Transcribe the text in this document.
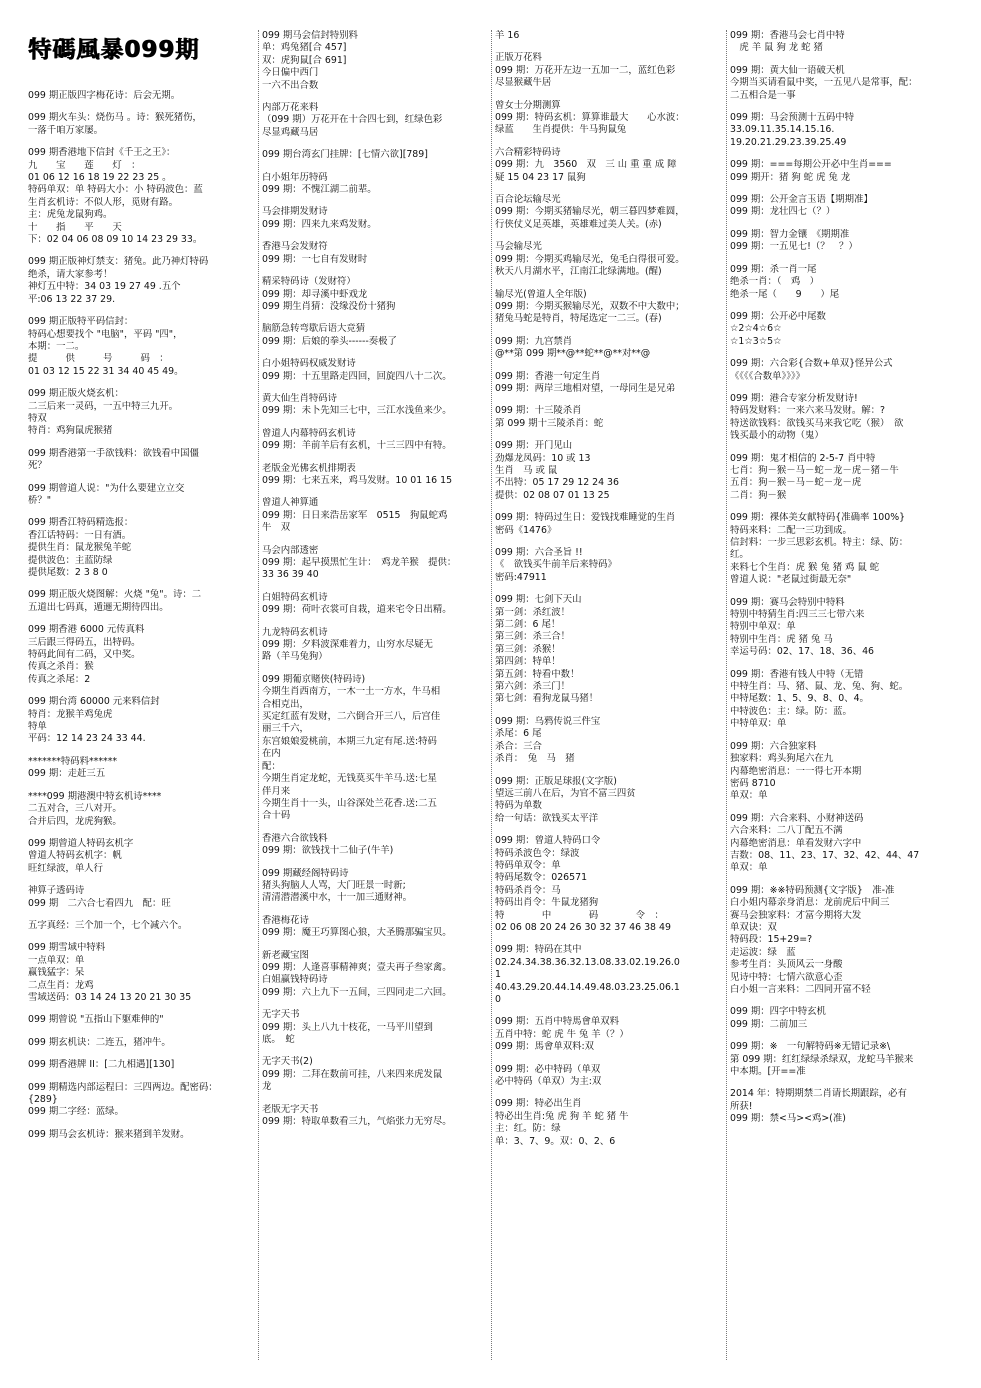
特碼風暴099期
099 期正版四字梅花诗：后会无期。
099 期火车头：烧伤马 。诗：猴死猪伤，
一落千咱万家屡。
099 期香港地下信封《千王之王》：
九　　宝　　莲　　灯　：
01 06 12 16 18 19 22 23 25 。
特码单双：单 特码大小：小 特码波色：蓝
生肖玄机诗：不似人形，觅财有路。
主：虎兔龙鼠狗鸡。
十　　指　　平　　天
下：02 04 06 08 09 10 14 23 29 33。
099 期正版神灯禁支：猪兔。此乃神灯特码
绝杀，请大家参考！
神灯五中特：34 03 19 27 49 .五个
平:06 13 22 37 29.
099 期正版特平码信封：
特码心想要找个 "电脑"，平码 "四"，
本期：一二。
提　　　供　　　号　　　码　：
01 03 12 15 22 31 34 40 45 49。
099 期正版火烧玄机：
二三后来一灵码，一五中特三九开。
特双
特肖：鸡狗鼠虎猴猪
099 期香港第一手欲钱料：欲钱看中国僵
死？
099 期曾道人说："为什么要建立立交
桥？"
099 期香江特码精选报：
香江话特码：一日有酒。
提供生肖：鼠龙猴兔羊蛇
提供波色：主蓝防绿
提供尾数：2 3 8 0
099 期正版火烧图解：火烧 "兔"。诗：二
五道出七码真，遁逦无期待四出。
099 期香港 6000 元传真料
三后跟三得码五，出特码。
特码此间有二码，又中奖。
传真之杀肖：猴
传真之杀尾：2
099 期台湾 60000 元来料信封
特肖：龙猴羊鸡兔虎
特单
平码：12 14 23 24 33 44.
*******特码料******
099 期：走赶三五
****099 期港澳中特玄机诗****
二五对合，三八对开。
合并后四，龙虎狗猴。
099 期曾道人特码玄机字
曾道人特码玄机字：帆
旺红绿波，单人行
神算子透码诗
099 期　二六合七看四九　配：旺
五字真经：三个加一个，七个减六个。
099 期雪域中特料
一点单双：单
赢钱猛字：呆
二点生肖：龙鸡
雪域送码：03 14 24 13 20 21 30 35
099 期曾说 "五指山下躯难伸的"
099 期玄机诀：二连五，猪冲牛。
099 期香港牌 II：[二九相遇][130]
099 期精选内部运程曰：三四两边。配密码：
{289}
099 期二字经：蓝绿。
099 期马会玄机诗：猴来猪到羊发财。
099 期马会信封特别料
单：鸡兔猪[合 457]
双：虎狗鼠[合 691]
今日偏中西门
一六不出合数
内部万花来料
（099 期）万花开在十合四七到，红绿色彩
尽显鸡藏马居
099 期台湾玄门挂牌：[七情六欲][789]
白小姐年历特码
099 期：不愧江湖二前辈。
马会排期发财诗
099 期：四来九来鸡发财。
香港马会发财符
099 期：一七自有发财时
精采特码诗（发财符）
099 期：却寻溪中虾戏龙
099 期生肖猜：没缘没份十猪狗
脑筋急转弯歇后语大竞猜
099 期：后娘的拳头------奏极了
白小姐特码权威发财诗
099 期：十五里路走四回，回旋四八十二次。
黄大仙生肖特码诗
099 期：未卜先知三七中，三江水浅鱼来少。
曾道人内幕特码玄机诗
099 期：羊前羊后有玄机，十三三四中有特。
老版金光佛玄机排期表
099 期：七来五来，鸡马发财。10 01 16 15
曾道人神算通
099 期：日日来浩岳家军　0515　狗鼠蛇鸡
牛　双
马会内部透密
099 期：起早摸黑忙生计：　鸡龙羊猴　提供：
33 36 39 40
白姐特码玄机诗
099 期：荷叶衣裳可自栽，道来宅令日出精。
九龙特码玄机诗
099 期：夕料波深难着力，山穷水尽疑无
路（羊马兔狗）
099 期葡京赌侠(特码诗)
今期生肖西南方，一木一土一方水，牛马相
合相克出，
买定红蓝有发财，二六倒合开三八，后宫佳
丽三千六，
东宫娘娘爱桃前，本期三九定有尾.送:特码
在内
配：
今期生肖定龙蛇，无钱莫买牛羊马.送:七星
伴月来
今期生肖十一头，山谷深处兰花香.送:二五
合十码
香港六合欲钱料
099 期：欲钱找十二仙子(牛羊)
099 期藏经阁特码诗
猪头狗脑人人骂，大门旺景一时新;
清清潜潜溪中水，十一加三通财神。
香港梅花诗
099 期：魔王巧算图心狼，大圣腾那骗宝贝。
新老藏宝图
099 期：人逢喜事精神爽；壹夫再子叁家禽。
白姐赢钱特码诗
099 期：六上九下一五间，三四同走二六回。
无字天书
099 期：头上八九十枝花，一马平川望到
底。　蛇
无字天书(2)
099 期：二拜在数前可挂，八来四来虎发鼠
龙
老版无字天书
099 期：特取单数看三九，气焰张力无穷尽。
羊 16
正版万花料
099 期：万花开左边一五加一二，蓝红色彩
尽显猴藏牛居
曾女士分期测算
099 期：特码玄机：算算谁最大　　心水波：
绿蓝　　生肖提供：牛马狗鼠兔
六合精彩特码诗
099 期：九　3560　双　三 山 重 重 成 障
疑 15 04 23 17 鼠狗
百合论坛输尽光
099 期：今期买猪输尽光，朝三暮四梦难圆，
行侠仗义足英雄，英雄难过美人关。(赤)
马会输尽光
099 期：今期买鸡输尽光，兔毛白得很可爱。
秋天八月湖水平，江南江北绿满地。(醒)
输尽光(曾道人全年版)
099 期：今期买猴输尽光，双数不中大数中；
猪兔马蛇是特肖，特尾选定一二三。(春)
099 期：九宫禁肖
@**第 099 期**@**蛇**@**对**@
099 期：香港一句定生肖
099 期：两岸三地相对望，一母同生是兄弟
099 期：十三陵杀肖
第 099 期十三陵杀肖：蛇
099 期：开门见山
劲爆龙凤码：10 或 13
生肖　马 或 鼠
不出特：05 17 29 12 24 36
提供：02 08 07 01 13 25
099 期：特码过生日：爱钱找难睡觉的生肖
密码《1476》
099 期：六合圣旨 !!
《　欲钱买牛前羊后来特码》
密码:47911
099 期：七剑下天山
第一剑：杀红波！
第二剑：6 尾！
第三剑：杀三合！
第三剑：杀猴！
第四剑：特单！
第五剑：特看中数！
第六剑：杀三门！
第七剑：看狗龙鼠马猪！
099 期：乌鸦传说三件宝
杀尾：6 尾
杀合：三合
杀肖：　兔　马　猪
099 期：正版足球报(文字版)
望远三前八在后，为官不富三四贫
特码为单数
给一句话：欲钱买太平洋
099 期：曾道人特码口令
特码杀波色令：绿波
特码单双令：单
特码尾数令：026571
特码杀肖令：马
特码出肖令：牛鼠龙猪狗
特　　　　中　　　　码　　　　令　：
02 06 08 20 24 26 30 32 37 46 38 49
099 期：特码在其中
02.24.34.38.36.32.13.08.33.02.19.26.0
1
40.43.29.20.44.14.49.48.03.23.25.06.1
0
099 期：五肖中特馬會单双料
五肖中特：蛇 虎 牛 兔 羊（？）
099 期：馬會单双料:双
099 期：必中特码（单双
必中特码（单双）为主:双
099 期：特必出生肖
特必出生肖:兔 虎 狗 羊 蛇 猪 牛
主：红。防：绿
单：3、7、9。双：0、2、6
099 期：香港马会七肖中特
　虎 羊 鼠 狗 龙 蛇 猪
099 期：黄大仙一语破天机
今期当买请看鼠中奖，一五见八是常事，配：
二五相合是一事
099 期：马会预测十五码中特
33.09.11.35.14.15.16.
19.20.21.29.23.39.25.49
099 期：===每期公开必中生肖===
099 期开：猪 狗 蛇 虎 兔 龙
099 期：公开金言玉语【期期准】
099 期：龙壮四七（？）
099 期：智力金镶　《期期准
099 期：一五见七!（？　？）
099 期：杀一肖一尾
绝杀一肖：（　鸡　）
绝杀一尾（　　9　　）尾
099 期：公开必中尾数
☆2☆4☆6☆
☆1☆3☆5☆
099 期：六合彩{合数+单双}怪异公式
《《《《合数单》》》》
099 期：港合专家分析发财诗!
特码发财料：一来六来马发财。解：?
特送欲钱料：欲钱买马来我它吃（猴）　欲
钱买最小的动物（鬼）
099 期：鬼才相信的 2-5-7 肖中特
七肖：狗－猴－马－蛇－龙－虎－猪－牛
五肖：狗－猴－马－蛇－龙－虎
二肖：狗－猴
099 期：裸体美女献特码{准确率 100%}
特码来料：二配一三功到成。
信封料：一步三思彩玄机。特主：绿、防：
红。
来料七个生肖：虎 猴 兔 猪 鸡 鼠 蛇
曾道人说："老鼠过街最无奈"
099 期：赛马会特别中特料
特别中特猜生肖:四三三七带六来
特别中单双：单
特别中生肖：虎 猪 兔 马
幸运号码：02、17、18、36、46
099 期：香港有钱人中特（无错
中特生肖：马、猪、鼠、龙、兔、狗、蛇。
中特尾数：1、5、9、8、0、4。
中特波色：主：绿。防：蓝。
中特单双：单
099 期：六合独家料
独家料：鸡头狗尾六在九
内幕绝密消息：一一得七开本期
密码 8710
单双：单
099 期：六合来料、小财神送码
六合来料：二八丁配五不满
内幕绝密消息：单看发财六字中
吉数：08、11、23、17、32、42、44、47
单双：单
099 期：※※特码预测{文字版}　准-准
白小姐内幕亲身消息：龙前虎后中间三
赛马会独家料：才富今期将大发
单双诀：双
特码段：15+29=?
走运波：绿　蓝
参考生肖：头顶风云一身酸
见诗中特：七情六欲意心歪
白小姐一言来料：二四同开富不轻
099 期：四字中特玄机
099 期：二前加三
099 期：※　一句解特码※无错记录※\
第 099 期：红红绿绿杀绿双，龙蛇马羊猴来
中本期。[开==准
2014 年：特期期禁二肖请长期跟踪，必有
所获!
099 期：禁<马><鸡>(准)
